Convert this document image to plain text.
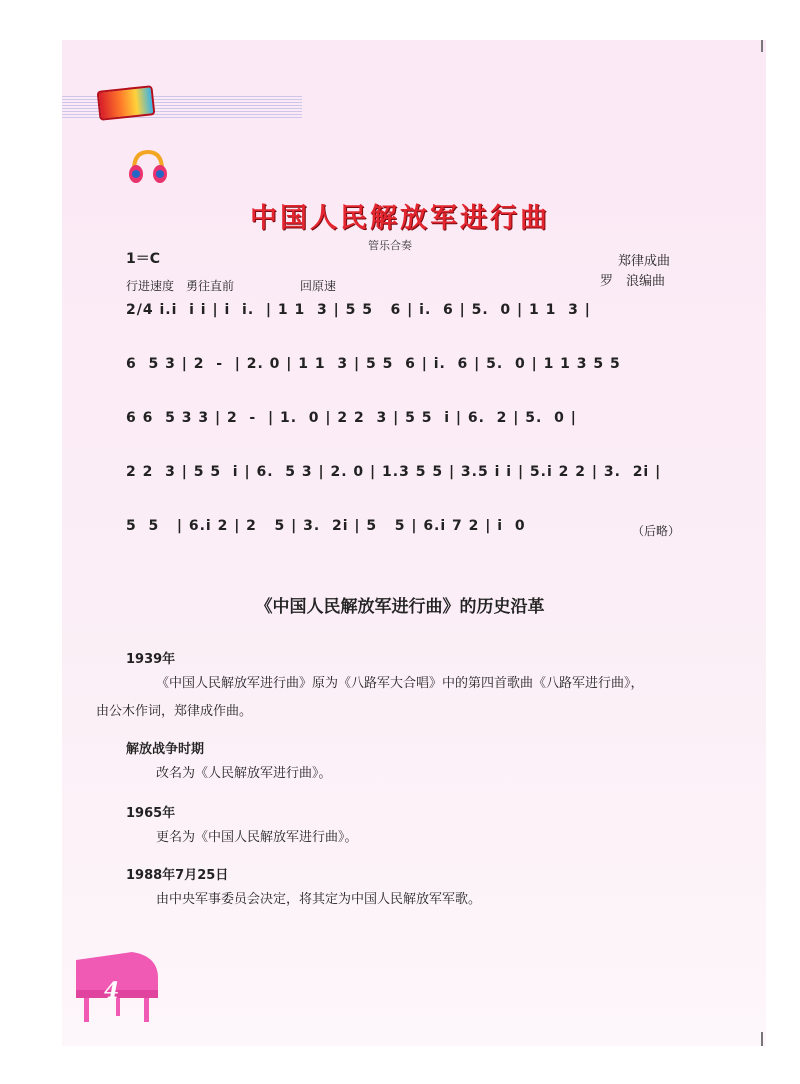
中国人民解放军进行曲
管乐合奏
1＝C	郑律成曲
罗　浪编曲
行进速度　勇往直前	回原速
2/4 i.i  i i | i  i.  | 1 1  3 | 5 5   6 | i.  6 | 5.  0 | 1 1  3 |
6  5 3 | 2  -  | 2. 0 | 1 1  3 | 5 5  6 | i.  6 | 5.  0 | 1 1 3 5 5
6 6  5 3 3 | 2  -  | 1.  0 | 2 2  3 | 5 5  i | 6.  2 | 5.  0 |
2 2  3 | 5 5  i | 6.  5 3 | 2. 0 | 1.3 5 5 | 3.5 i i | 5.i 2 2 | 3.  2i |
5  5   | 6.i 2 | 2   5 | 3.  2i | 5   5 | 6.i 7 2 | i  0	（后略）
《中国人民解放军进行曲》的历史沿革
1939年
《中国人民解放军进行曲》原为《八路军大合唱》中的第四首歌曲《八路军进行曲》，
由公木作词，郑律成作曲。
解放战争时期
改名为《人民解放军进行曲》。
1965年
更名为《中国人民解放军进行曲》。
1988年7月25日
由中央军事委员会决定，将其定为中国人民解放军军歌。
4
